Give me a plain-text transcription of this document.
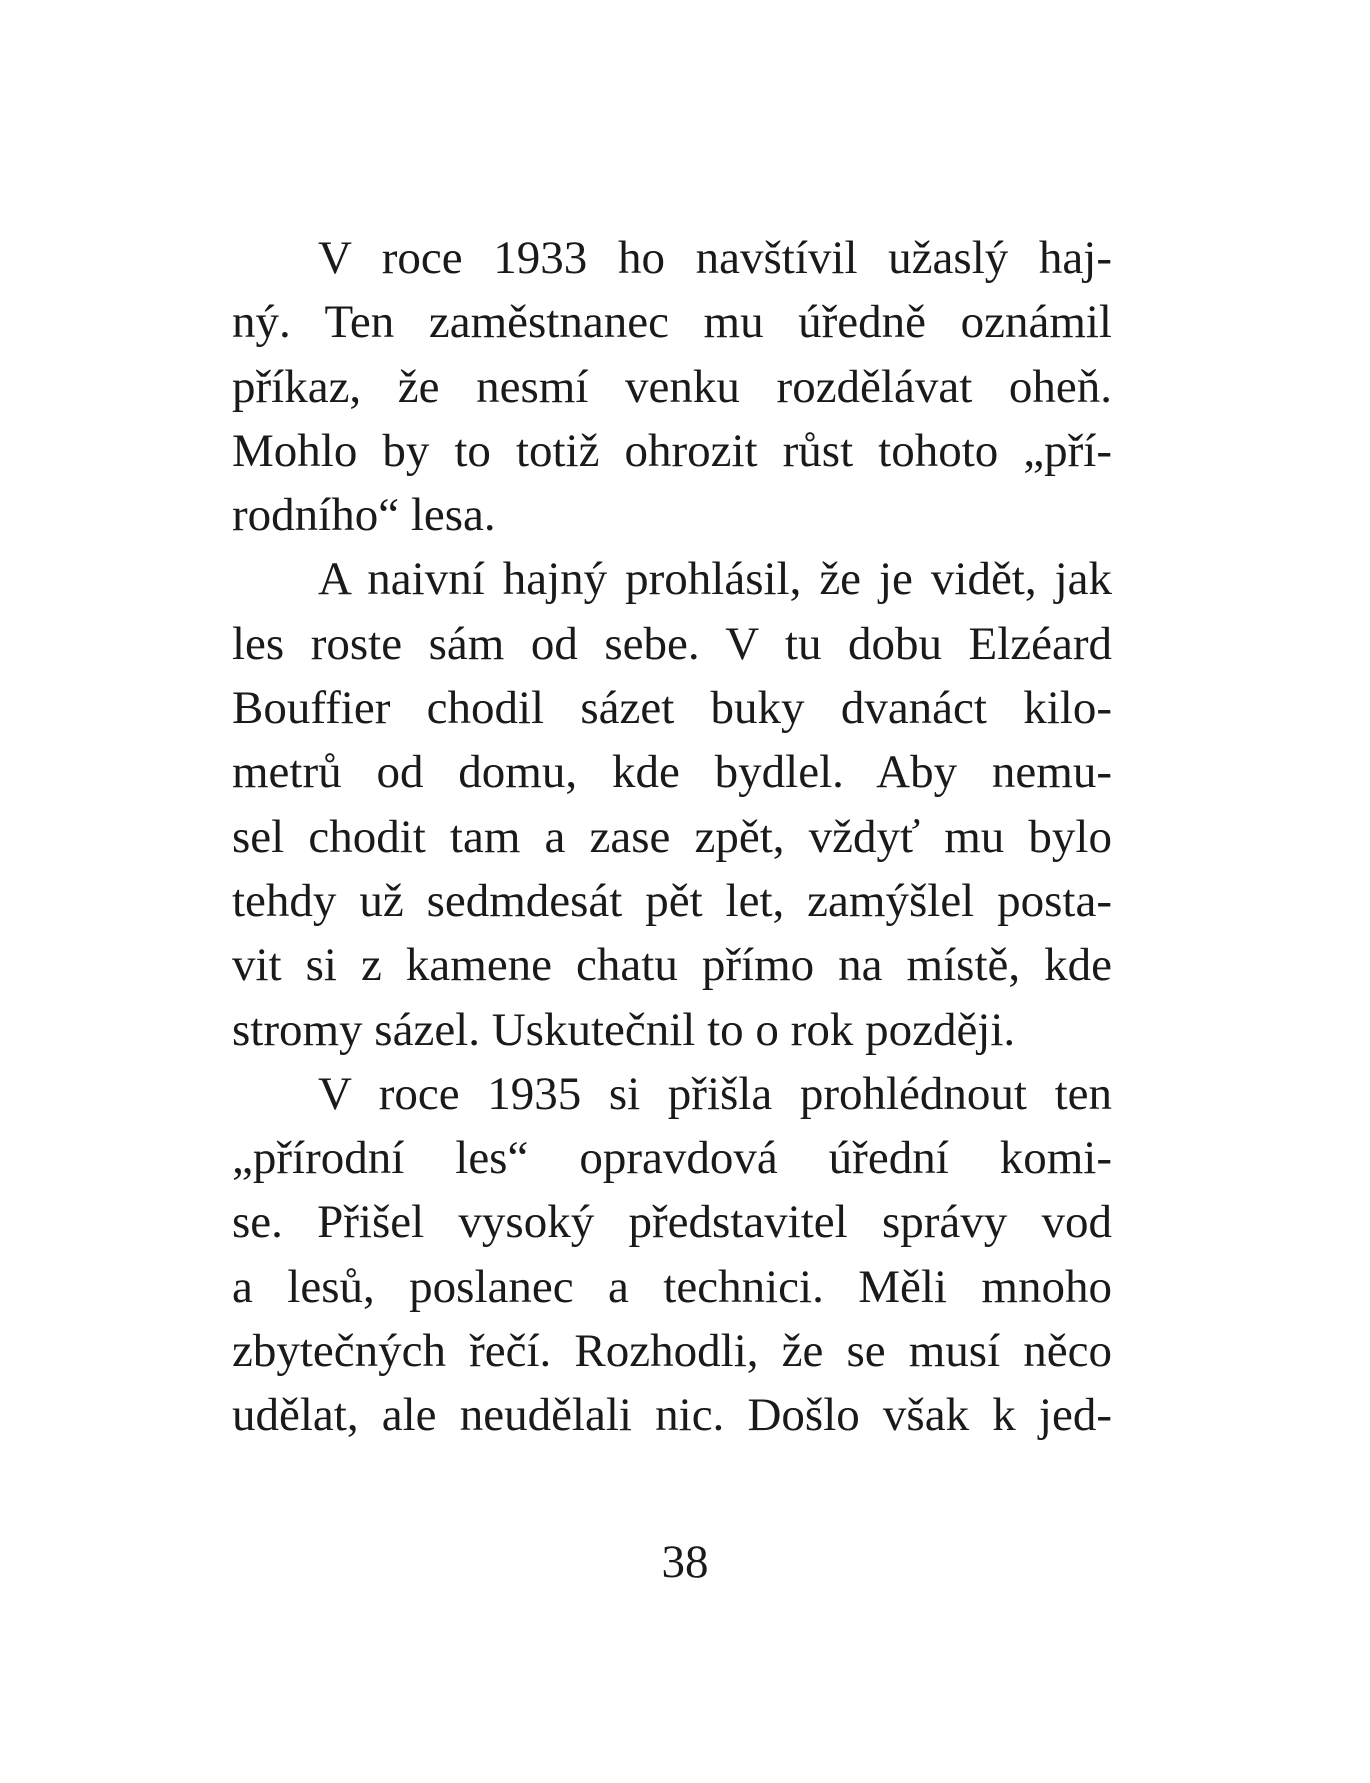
V roce 1933 ho navštívil užaslý haj-
ný. Ten zaměstnanec mu úředně oznámil
příkaz, že nesmí venku rozdělávat oheň.
Mohlo by to totiž ohrozit růst tohoto „pří-
rodního“ lesa.
A naivní hajný prohlásil, že je vidět, jak
les roste sám od sebe. V tu dobu Elzéard
Bouffier chodil sázet buky dvanáct kilo-
metrů od domu, kde bydlel. Aby nemu-
sel chodit tam a zase zpět, vždyť mu bylo
tehdy už sedmdesát pět let, zamýšlel posta-
vit si z kamene chatu přímo na místě, kde
stromy sázel. Uskutečnil to o rok později.
V roce 1935 si přišla prohlédnout ten
„přírodní les“ opravdová úřední komi-
se. Přišel vysoký představitel správy vod
a lesů, poslanec a technici. Měli mnoho
zbytečných řečí. Rozhodli, že se musí něco
udělat, ale neudělali nic. Došlo však k jed-
38
